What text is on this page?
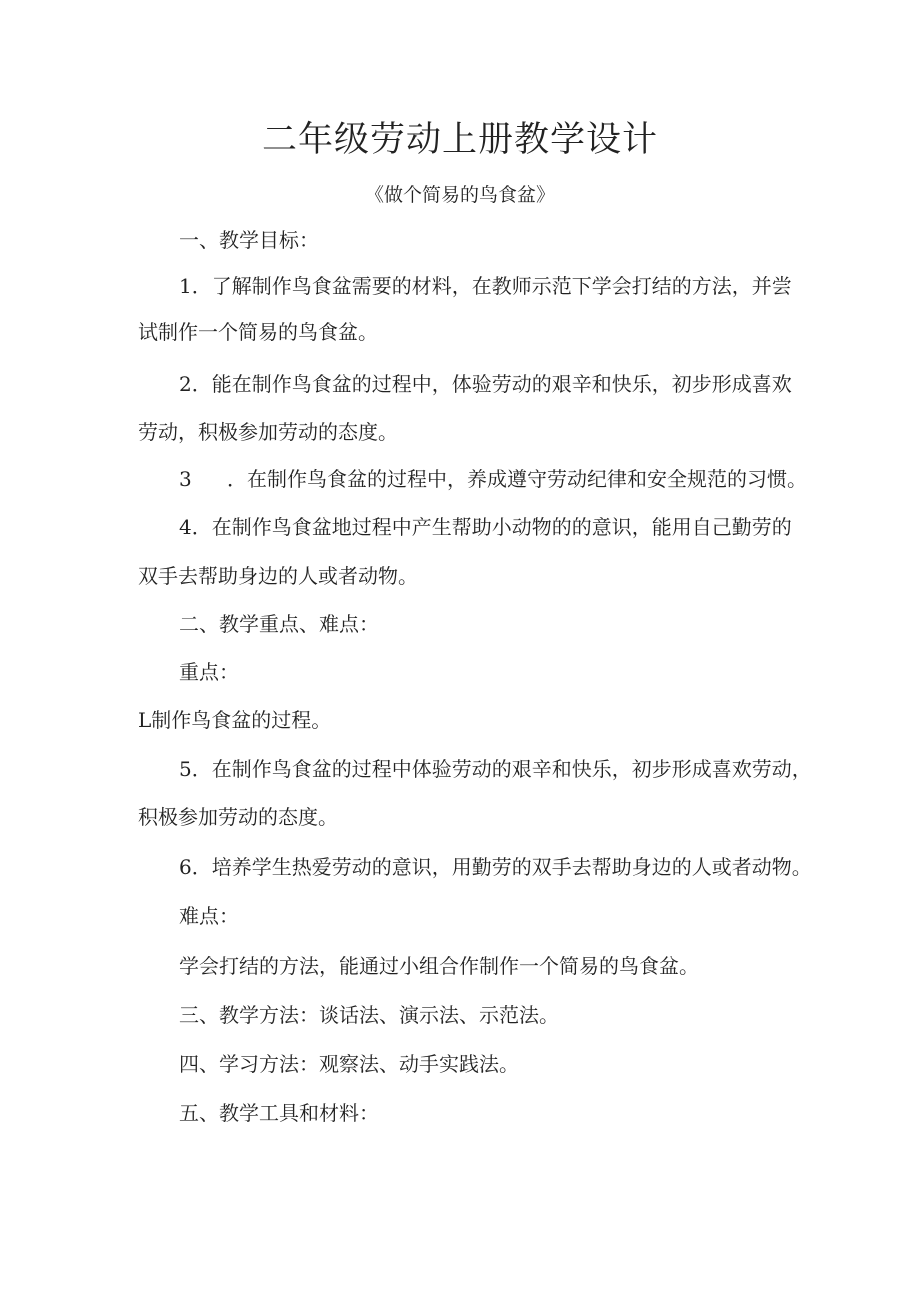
二年级劳动上册教学设计
《做个简易的鸟食盆》
一、教学目标：
1．了解制作鸟食盆需要的材料，在教师示范下学会打结的方法，并尝
试制作一个简易的鸟食盆。
2．能在制作鸟食盆的过程中，体验劳动的艰辛和快乐，初步形成喜欢
劳动，积极参加劳动的态度。
3 ．在制作鸟食盆的过程中，养成遵守劳动纪律和安全规范的习惯。
4．在制作鸟食盆地过程中产生帮助小动物的的意识，能用自己勤劳的
双手去帮助身边的人或者动物。
二、教学重点、难点：
重点：
L制作鸟食盆的过程。
5．在制作鸟食盆的过程中体验劳动的艰辛和快乐，初步形成喜欢劳动，
积极参加劳动的态度。
6．培养学生热爱劳动的意识，用勤劳的双手去帮助身边的人或者动物。
难点：
学会打结的方法，能通过小组合作制作一个简易的鸟食盆。
三、教学方法：谈话法、演示法、示范法。
四、学习方法：观察法、动手实践法。
五、教学工具和材料：
